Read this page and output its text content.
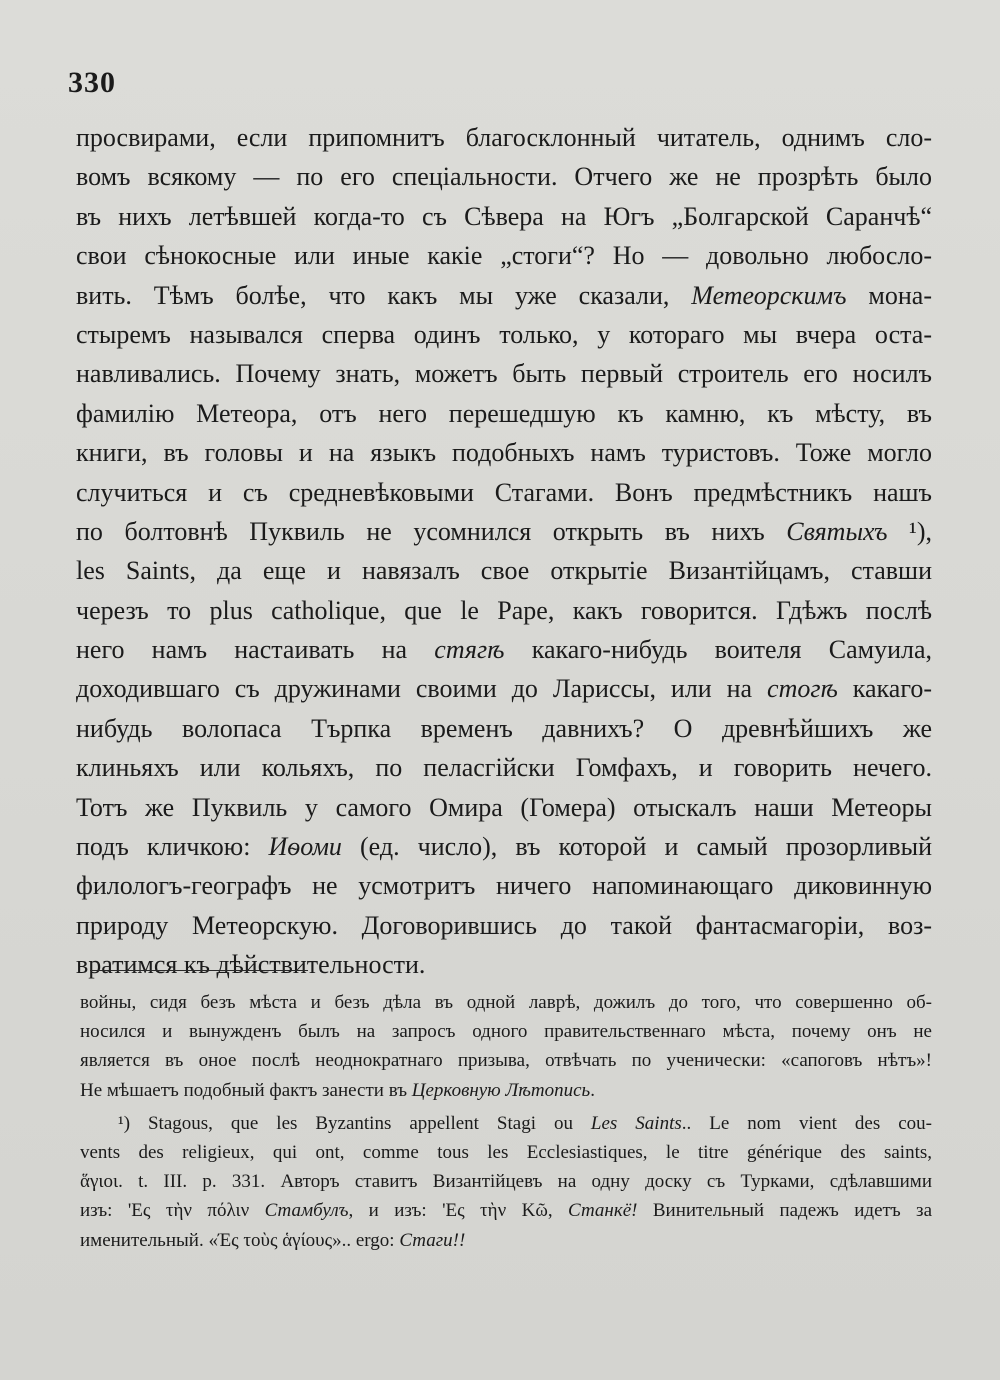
330
просвирами, если припомнитъ благосклонный читатель, однимъ сло-
вомъ всякому — по его спеціальности. Отчего же не прозрѣть было
въ нихъ летѣвшей когда-то съ Сѣвера на Югъ „Болгарской Саранчѣ“
свои сѣнокосные или иные какіе „стоги“? Но — довольно любосло-
вить. Тѣмъ болѣе, что какъ мы уже сказали, Метеорскимъ мона-
стыремъ назывался сперва одинъ только, у котораго мы вчера оста-
навливались. Почему знать, можетъ быть первый строитель его носилъ
фамилію Метеора, отъ него перешедшую къ камню, къ мѣсту, въ
книги, въ головы и на языкъ подобныхъ намъ туристовъ. Тоже могло
случиться и съ средневѣковыми Стагами. Вонъ предмѣстникъ нашъ
по болтовнѣ Пуквиль не усомнился открыть въ нихъ Святыхъ ¹),
les Saints, да еще и навязалъ свое открытіе Византійцамъ, ставши
черезъ то plus catholique, que le Pape, какъ говорится. Гдѣжъ послѣ
него намъ настаивать на стягѣ какаго-нибудь воителя Самуила,
доходившаго съ дружинами своими до Лариссы, или на стогѣ какаго-
нибудь волопаса Търпка временъ давнихъ? О древнѣйшихъ же
клиньяхъ или кольяхъ, по пеласгійски Гомфахъ, и говорить нечего.
Тотъ же Пуквиль у самого Омира (Гомера) отыскалъ наши Метеоры
подъ кличкою: Иѳоми (ед. число), въ которой и самый прозорливый
филологъ-географъ не усмотритъ ничего напоминающаго диковинную
природу Метеорскую. Договорившись до такой фантасмагоріи, воз-
вратимся къ дѣйствительности.
войны, сидя безъ мѣста и безъ дѣла въ одной лаврѣ, дожилъ до того, что совершенно об-
носился и вынужденъ былъ на запросъ одного правительственнаго мѣста, почему онъ не
является въ оное послѣ неоднократнаго призыва, отвѣчать по ученически: «сапоговъ нѣтъ»!
Не мѣшаетъ подобный фактъ занести въ Церковную Лѣтопись.
¹) Stagous, que les Byzantins appellent Stagi ou Les Saints.. Le nom vient des cou-
vents des religieux, qui ont, comme tous les Ecclesiastiques, le titre générique des saints,
ἅγιοι. t. III. p. 331. Авторъ ставитъ Византійцевъ на одну доску съ Турками, сдѣлавшими
изъ: 'Ες τὴν πόλιν Стамбулъ, и изъ: 'Ες τὴν Κῶ, Станкё! Винительный падежъ идетъ за
именительный. «Ές τοὺς ἁγίους».. ergo: Стаги!!
